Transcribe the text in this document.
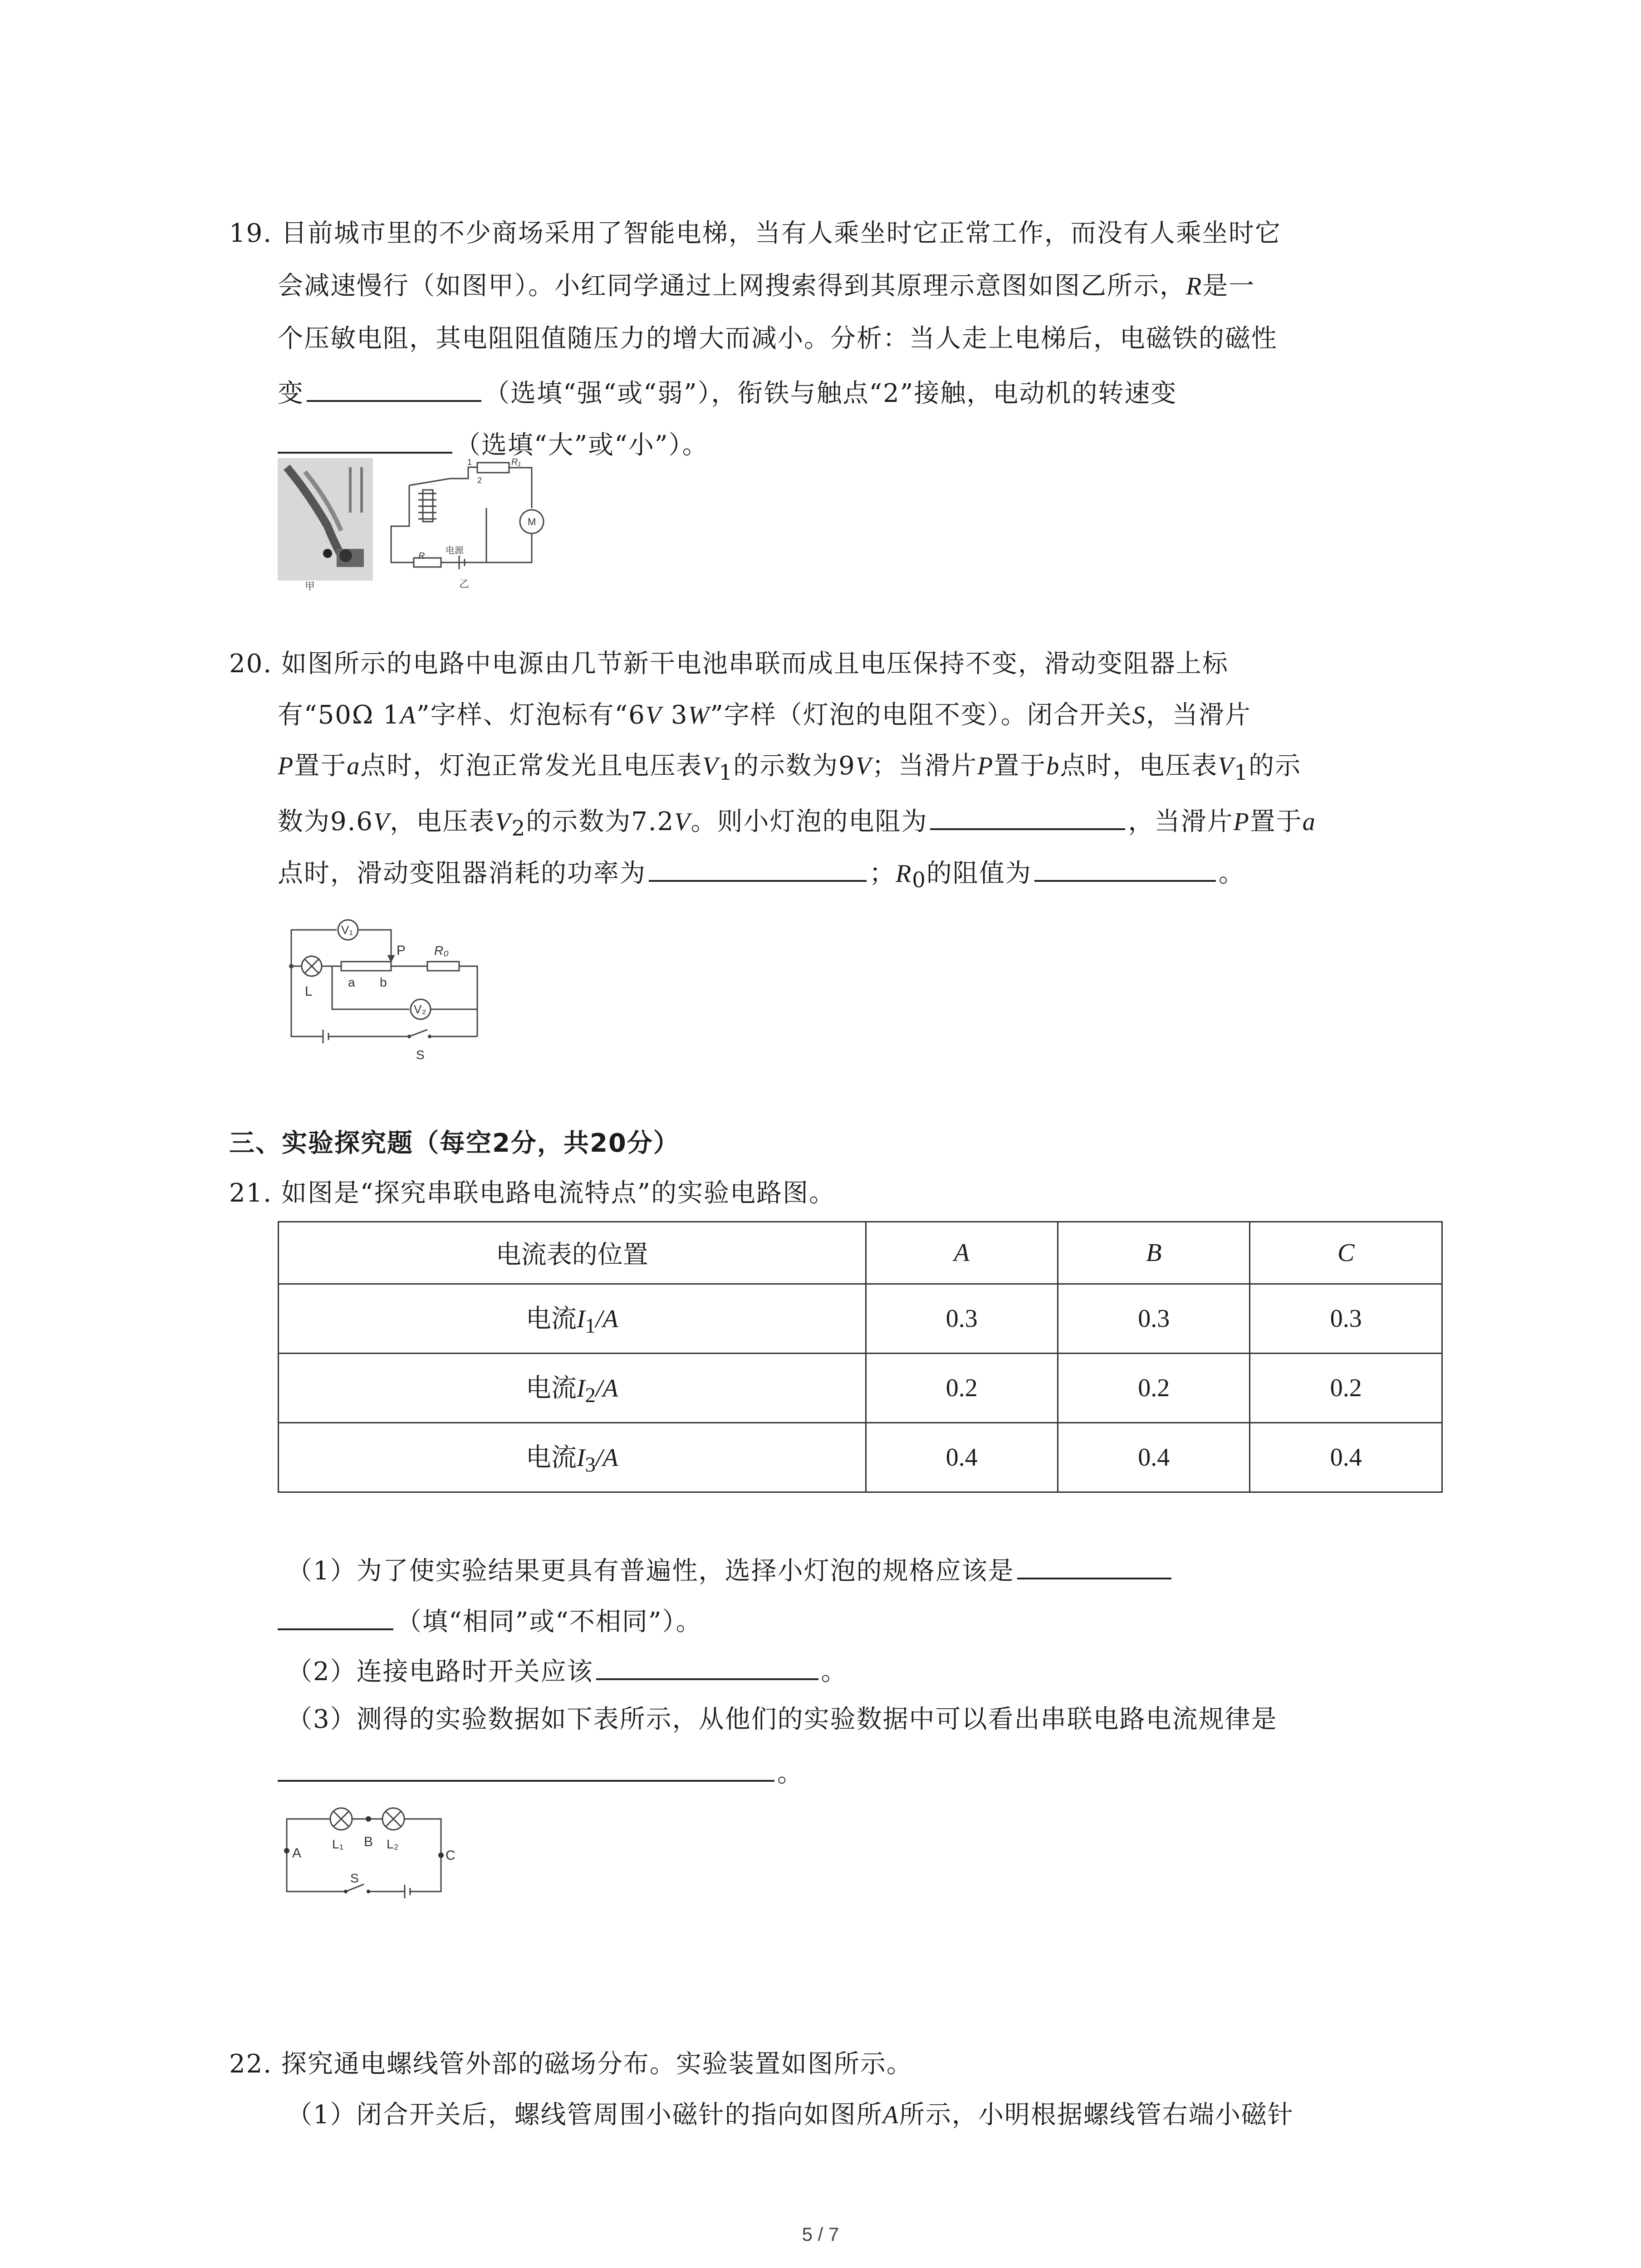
19. 目前城市里的不少商场采用了智能电梯，当有人乘坐时它正常工作，而没有人乘坐时它
会减速慢行（如图甲）。小红同学通过上网搜索得到其原理示意图如图乙所示，R是一
个压敏电阻，其电阻阻值随压力的增大而减小。分析：当人走上电梯后，电磁铁的磁性
变	（选填“强“或“弱”），衔铁与触点“2”接触，电动机的转速变
（选填“大”或“小”）。
甲
1
2
R₁
M
R
电源
乙
20. 如图所示的电路中电源由几节新干电池串联而成且电压保持不变，滑动变阻器上标
有“50Ω 1A”字样、灯泡标有“6V 3W”字样（灯泡的电阻不变）。闭合开关S，当滑片
P置于a点时，灯泡正常发光且电压表$V_1$的示数为9V；当滑片P置于b点时，电压表$V_1$的示
数为9.6V，电压表$V_2$的示数为7.2V。则小灯泡的电阻为	，当滑片P置于a
点时，滑动变阻器消耗的功率为	；$R_0$的阻值为	。
V₁
V₂
P
a b
R₀
L
S
三、实验探究题（每空2分，共20分）
21. 如图是“探究串联电路电流特点”的实验电路图。
电流表的位置	A	B	C
电流$I_1/A$	0.3	0.3	0.3
电流$I_2/A$	0.2	0.2	0.2
电流$I_3/A$	0.4	0.4	0.4
（1）为了使实验结果更具有普遍性，选择小灯泡的规格应该是
（填“相同”或“不相同”）。
（2）连接电路时开关应该	。
（3）测得的实验数据如下表所示，从他们的实验数据中可以看出串联电路电流规律是
。
A
B
C
L₁	L₂
S
22. 探究通电螺线管外部的磁场分布。实验装置如图所示。
（1）闭合开关后，螺线管周围小磁针的指向如图所A所示，小明根据螺线管右端小磁针
5 / 7
